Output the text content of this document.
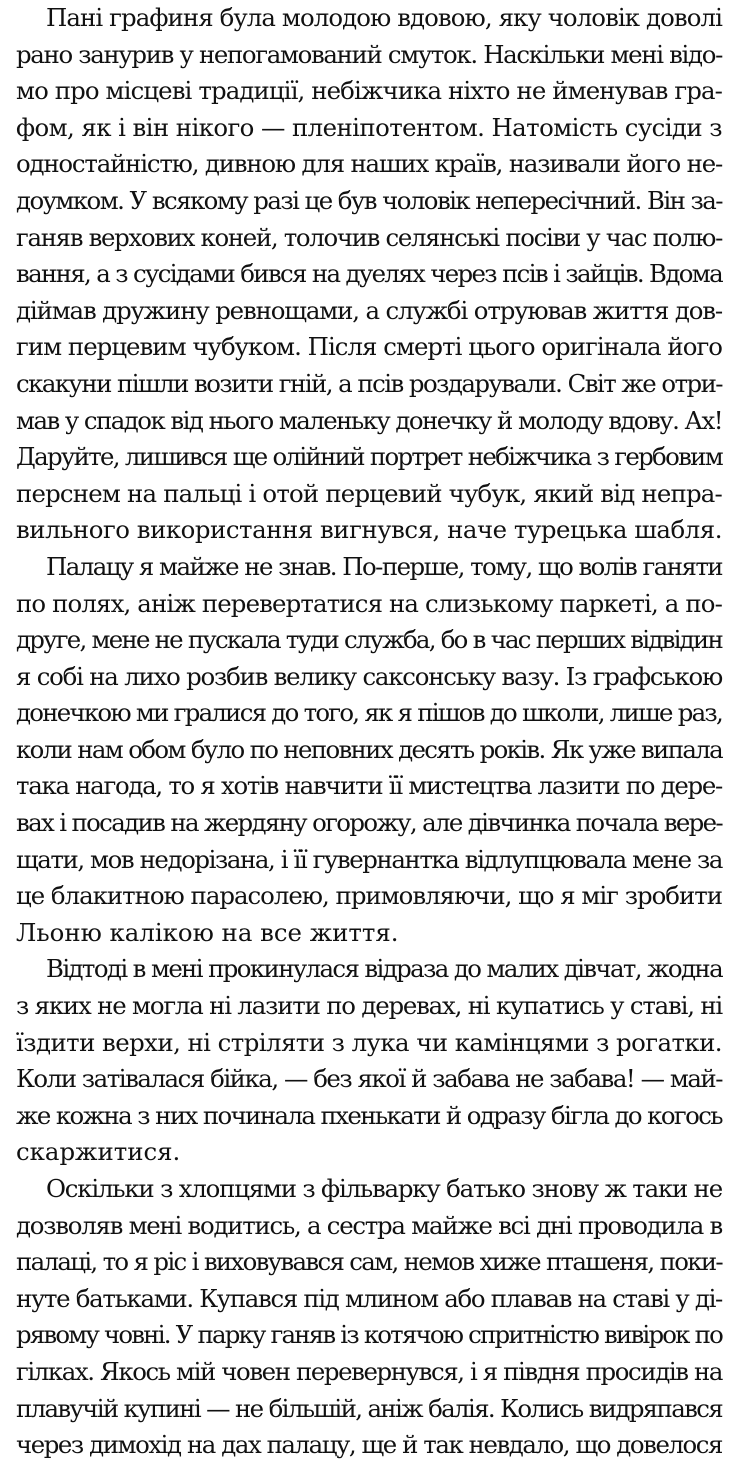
Пані графиня була молодою вдовою, яку чоловік доволі
рано занурив у непогамований смуток. Наскільки мені відо-
мо про місцеві традиції, небіжчика ніхто не йменував гра-
фом, як і він нікого — пленіпотентом. Натомість сусіди з
одностайністю, дивною для наших країв, називали його не-
доумком. У всякому разі це був чоловік непересічний. Він за-
ганяв верхових коней, толочив селянські посіви у час полю-
вання, а з сусідами бився на дуелях через псів і зайців. Вдома
діймав дружину ревнощами, а службі отруював життя дов-
гим перцевим чубуком. Після смерті цього оригінала його
скакуни пішли возити гній, а псів роздарували. Світ же отри-
мав у спадок від нього маленьку донечку й молоду вдову. Ах!
Даруйте, лишився ще олійний портрет небіжчика з гербовим
перснем на пальці і отой перцевий чубук, який від непра-
вильного використання вигнувся, наче турецька шабля.
Палацу я майже не знав. По-перше, тому, що волів ганяти
по полях, аніж перевертатися на слизькому паркеті, а по-
друге, мене не пускала туди служба, бо в час перших відвідин
я собі на лихо розбив велику саксонську вазу. Із графською
донечкою ми гралися до того, як я пішов до школи, лише раз,
коли нам обом було по неповних десять років. Як уже випала
така нагода, то я хотів навчити її мистецтва лазити по дере-
вах і посадив на жердяну огорожу, але дівчинка почала вере-
щати, мов недорізана, і її гувернантка відлупцювала мене за
це блакитною парасолею, примовляючи, що я міг зробити
Льоню калікою на все життя.
Відтоді в мені прокинулася відраза до малих дівчат, жодна
з яких не могла ні лазити по деревах, ні купатись у ставі, ні
їздити верхи, ні стріляти з лука чи камінцями з рогатки.
Коли затівалася бійка, — без якої й забава не забава! — май-
же кожна з них починала пхенькати й одразу бігла до когось
скаржитися.
Оскільки з хлопцями з фільварку батько знову ж таки не
дозволяв мені водитись, а сестра майже всі дні проводила в
палаці, то я ріс і виховувався сам, немов хиже пташеня, поки-
нуте батьками. Купався під млином або плавав на ставі у ді-
рявому човні. У парку ганяв із котячою спритністю вивірок по
гілках. Якось мій човен перевернувся, і я півдня просидів на
плавучій купині — не більшій, аніж балія. Колись видряпався
через димохід на дах палацу, ще й так невдало, що довелося
